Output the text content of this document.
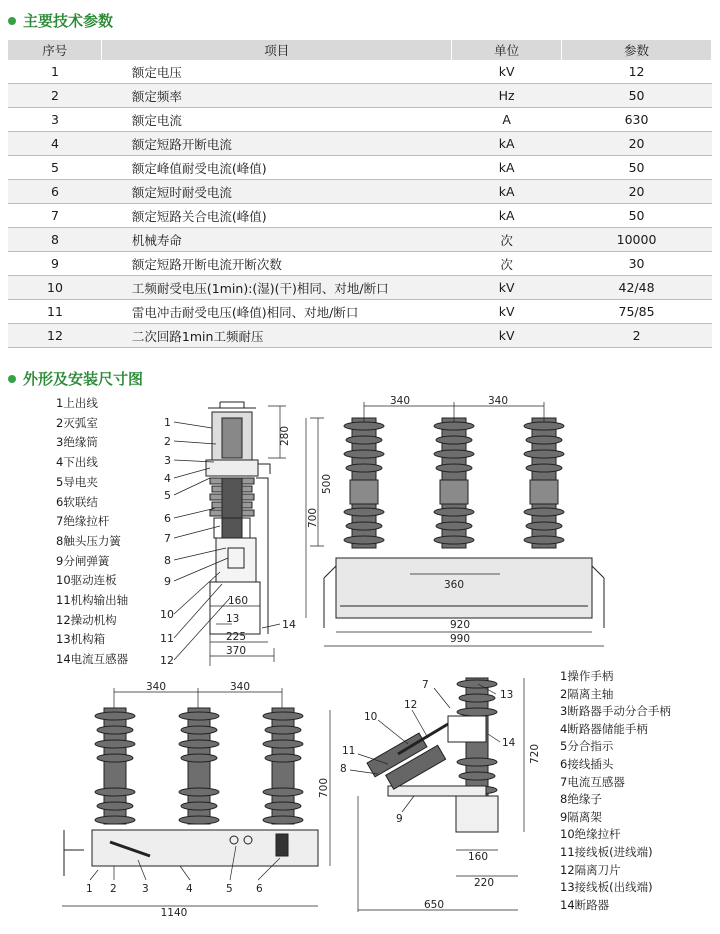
主要技术参数
序号	项目	单位	参数
1	额定电压	kV	12
2	额定频率	Hz	50
3	额定电流	A	630
4	额定短路开断电流	kA	20
5	额定峰值耐受电流(峰值)	kA	50
6	额定短时耐受电流	kA	20
7	额定短路关合电流(峰值)	kA	50
8	机械寿命	次	10000
9	额定短路开断电流开断次数	次	30
10	工频耐受电压(1min):(湿)(干)相同、对地/断口	kV	42/48
11	雷电冲击耐受电压(峰值)相同、对地/断口	kV	75/85
12	二次回路1min工频耐压	kV	2
外形及安装尺寸图
1上出线
2灭弧室
3绝缘筒
4下出线
5导电夹
6软联结
7绝缘拉杆
8触头压力簧
9分闸弹簧
10驱动连板
11机构输出轴
12操动机构
13机构箱
14电流互感器
1操作手柄
2隔离主轴
3断路器手动分合手柄
4断路器储能手柄
5分合指示
6接线插头
7电流互感器
8绝缘子
9隔离架
10绝缘拉杆
11接线板(进线端)
12隔离刀片
13接线板(出线端)
14断路器
1
2
3
4
5
6
7
8
9
10
11
12
14
280
160
13
225
370
340	340
500
700
360
920
990
340	340
700
1140
1 2 3	4	5 6
7
10
12
11
8
9
13
14
720
160
220
650
